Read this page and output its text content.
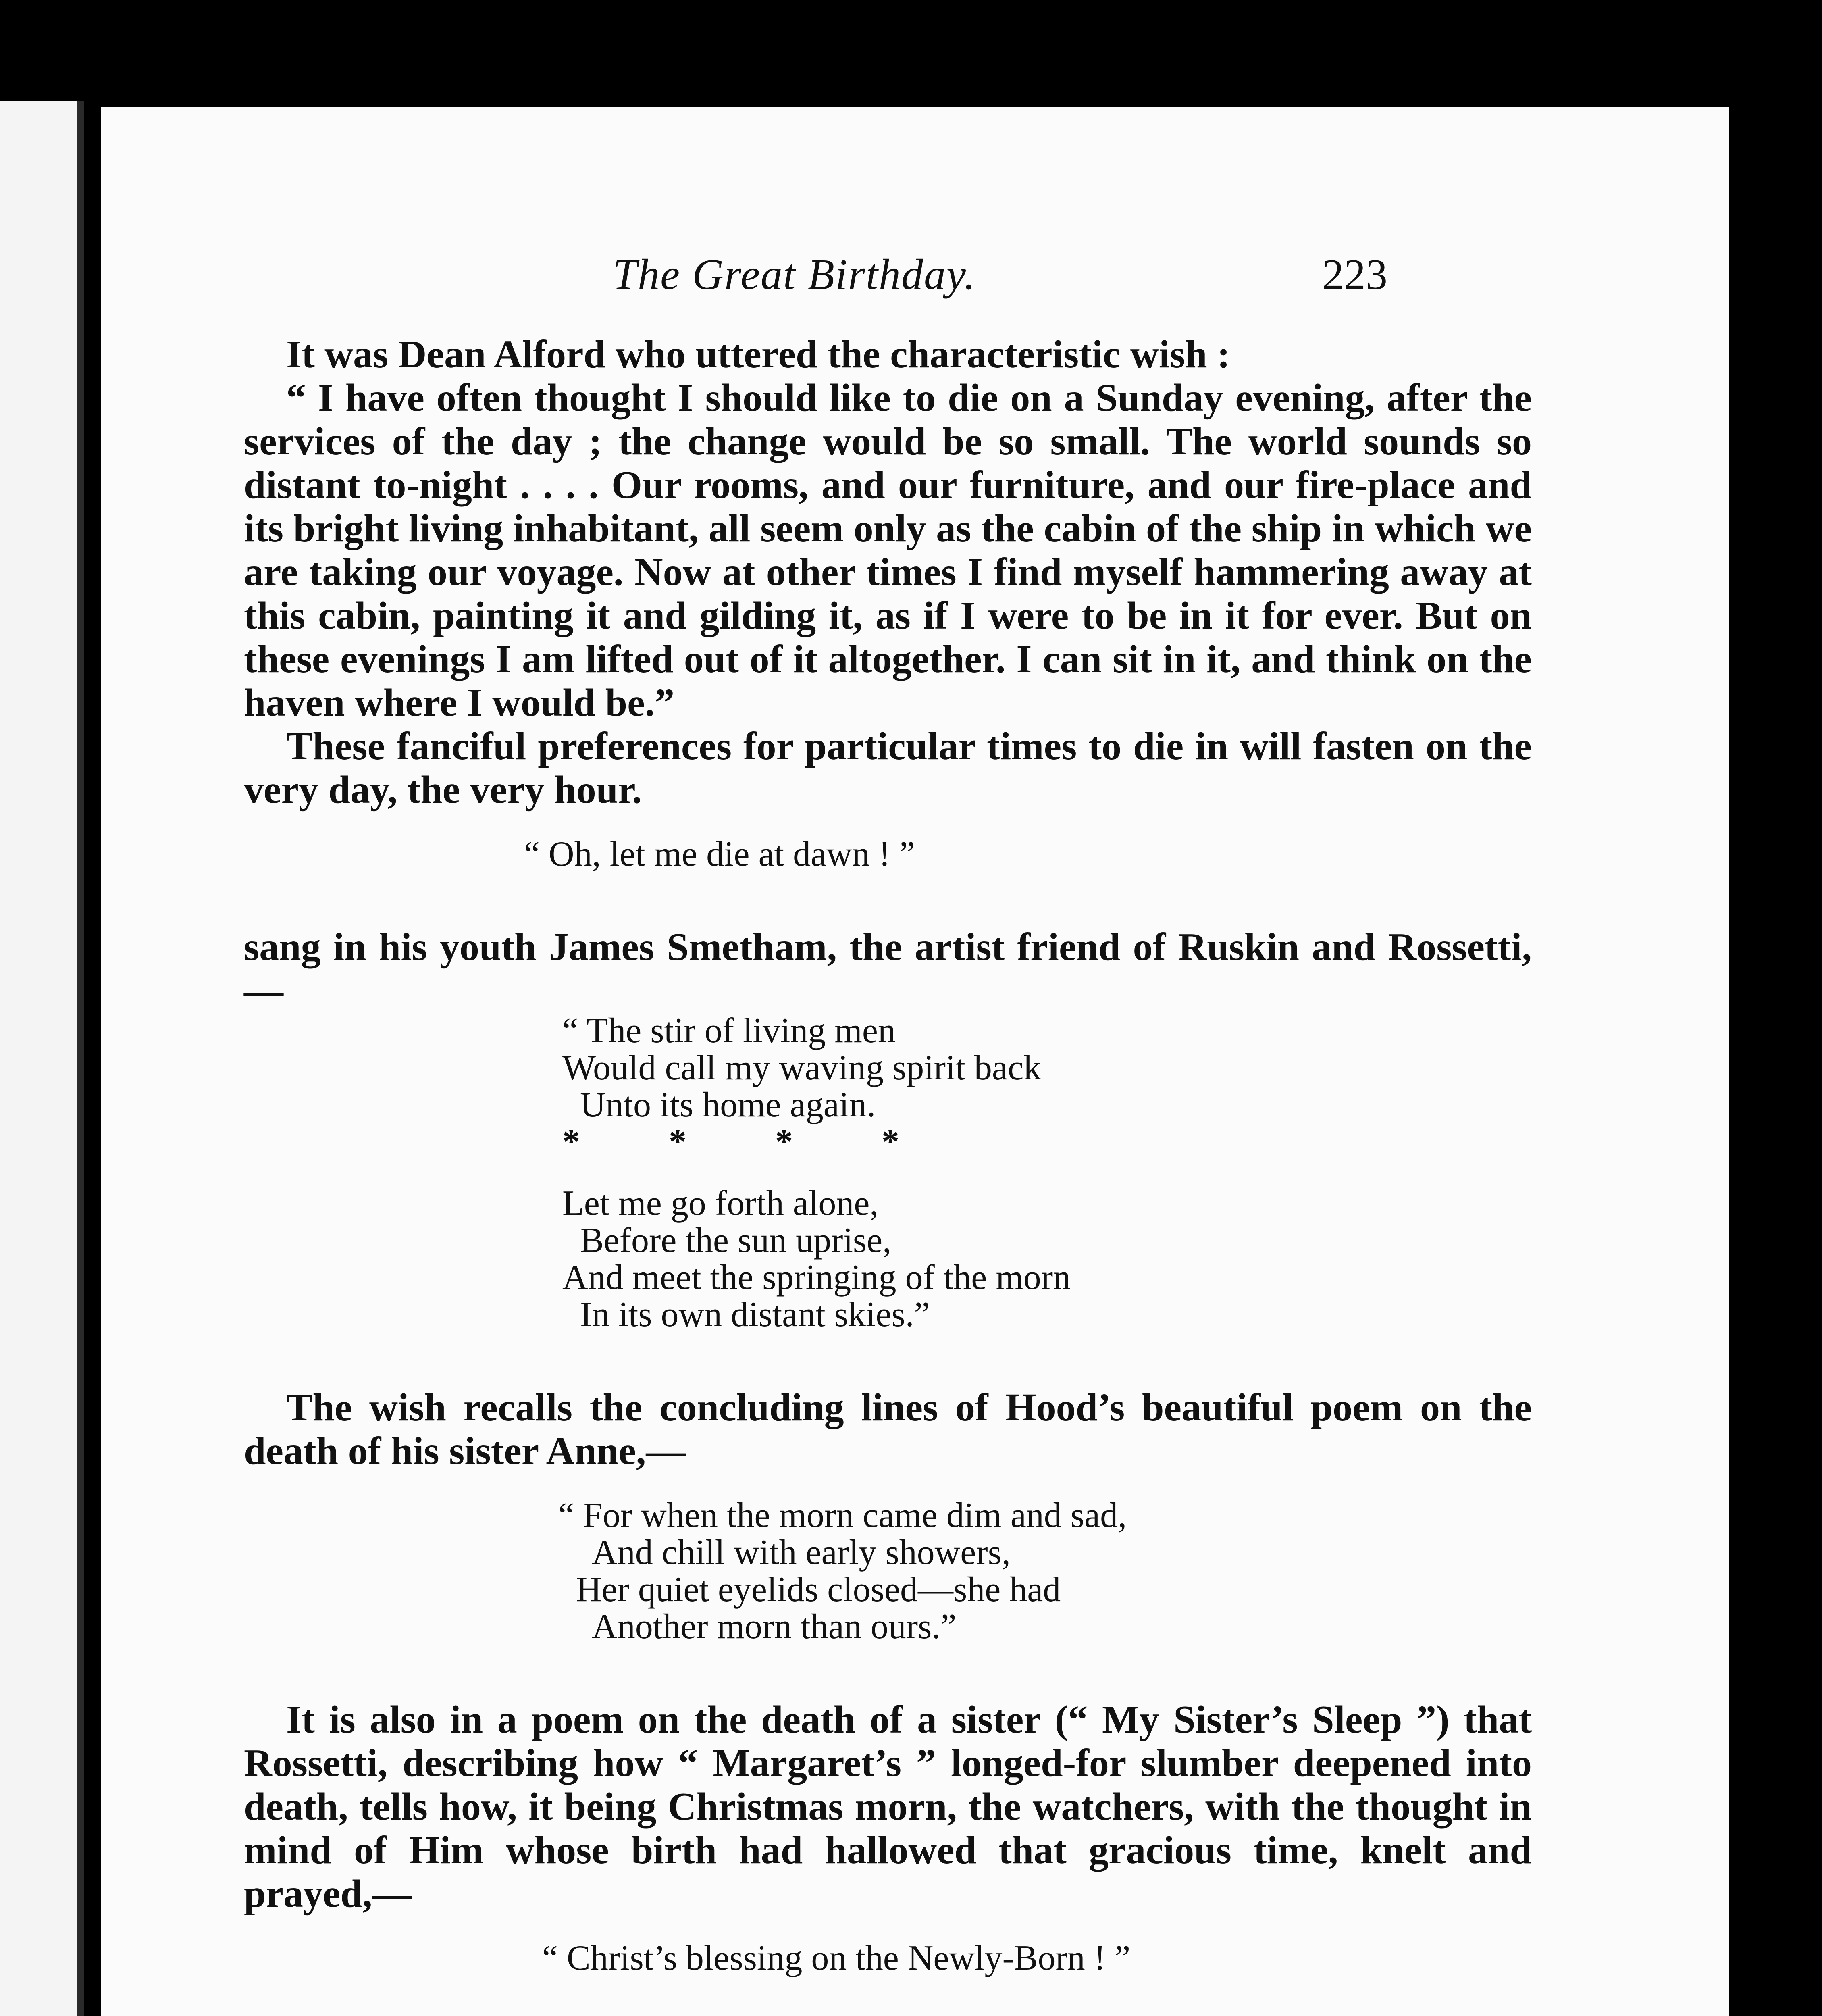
The Great Birthday.	223

It was Dean Alford who uttered the characteristic wish :

“ I have often thought I should like to die on a Sunday evening, after the services of the day ; the change would be so small. The world sounds so distant to-night . . . . Our rooms, and our furniture, and our fire-place and its bright living inhabitant, all seem only as the cabin of the ship in which we are taking our voyage. Now at other times I find myself hammering away at this cabin, painting it and gilding it, as if I were to be in it for ever. But on these evenings I am lifted out of it altogether. I can sit in it, and think on the haven where I would be.”

These fanciful preferences for particular times to die in will fasten on the very day, the very hour.

“ Oh, let me die at dawn ! ”

sang in his youth James Smetham, the artist friend of Ruskin and Rossetti,—

“ The stir of living men
Would call my waving spirit back
Unto its home again.
*          *          *          *
Let me go forth alone,
Before the sun uprise,
And meet the springing of the morn
In its own distant skies.”

The wish recalls the concluding lines of Hood’s beautiful poem on the death of his sister Anne,—

“ For when the morn came dim and sad,
And chill with early showers,
Her quiet eyelids closed—she had
Another morn than ours.”

It is also in a poem on the death of a sister (“ My Sister’s Sleep ”) that Rossetti, describing how “ Margaret’s ” longed-for slumber deepened into death, tells how, it being Christmas morn, the watchers, with the thought in mind of Him whose birth had hallowed that gracious time, knelt and prayed,—

“ Christ’s blessing on the Newly-Born ! ”
